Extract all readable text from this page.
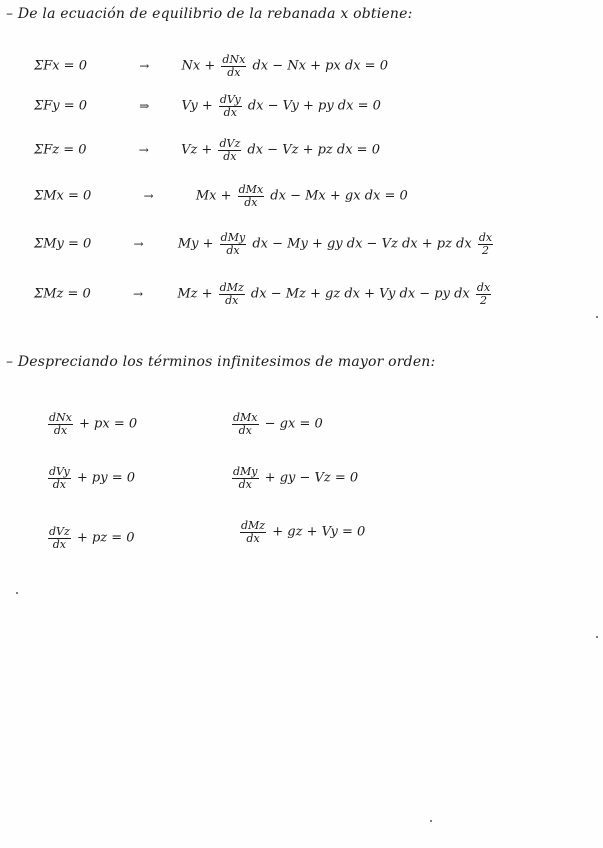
– De la ecuación de equilibrio de la rebanada x obtiene:
ΣFx = 0	→ $Nx + \frac{\text{dNx}}{dx}$ dx − Nx + px dx = 0
ΣFy = 0	⇒ $Vy + \frac{\text{dVy}}{dx}$ dx − Vy + py dx = 0
ΣFz = 0	→ $Vz + \frac{\text{dVz}}{dx}$ dx − Vz + pz dx = 0
ΣMx = 0	→	$Mx + \frac{\text{dMx}}{dx}$ dx − Mx + gx dx = 0
ΣMy = 0	→	$My + \frac{\text{dMy}}{dx}$ dx − My + gy dx − Vz dx + pz dx $\frac{dx}{2}$
ΣMz = 0	→	$Mz + \frac{\text{dMz}}{dx}$ dx − Mz + gz dx + Vy dx − py dx $\frac{dx}{2}$
– Despreciando los términos infinitesimos de mayor orden:
$\frac{\text{dNx}}{dx}$ + px = 0	$\frac{\text{dMx}}{dx}$ − gx = 0
$\frac{\text{dVy}}{dx}$ + py = 0	$\frac{\text{dMy}}{dx}$ + gy − Vz = 0
$\frac{\text{dVz}}{dx}$ + pz = 0	$\frac{\text{dMz}}{dx}$ + gz + Vy = 0
